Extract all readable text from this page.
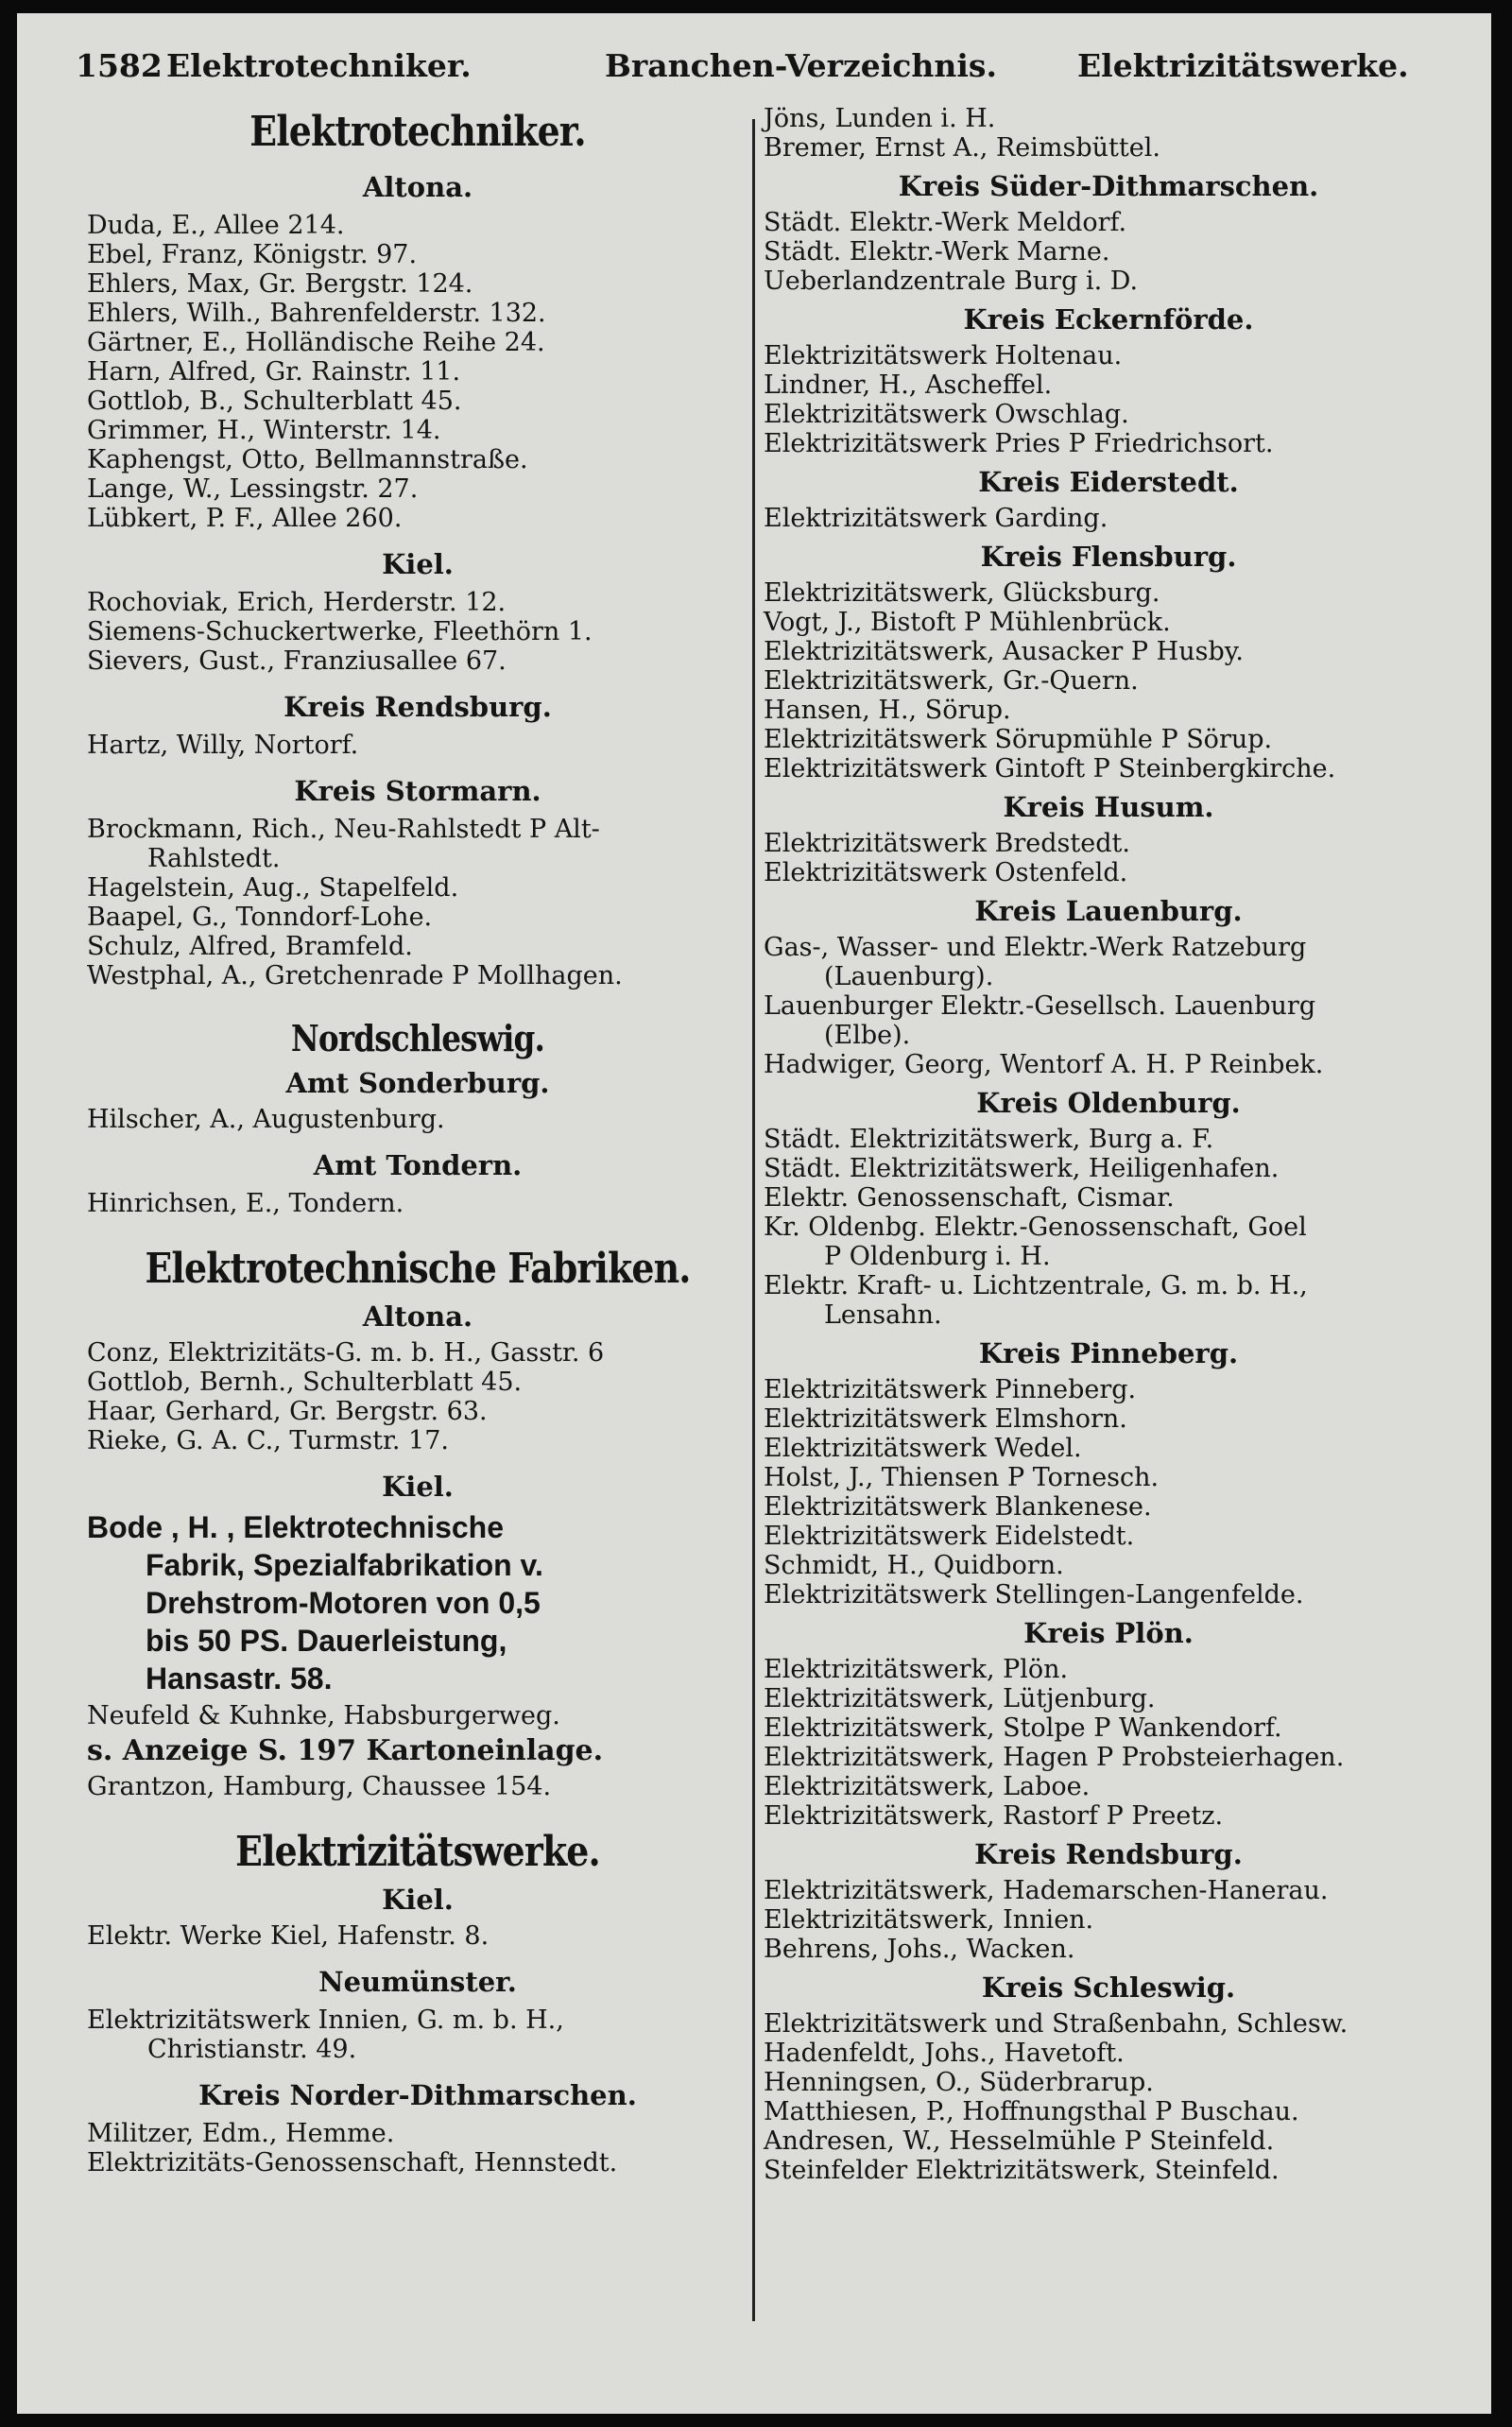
1582 Elektrotechniker.	Branchen-Verzeichnis.	Elektrizitätswerke.
Elektrotechniker.
Altona.
Duda, E., Allee 214.
Ebel, Franz, Königstr. 97.
Ehlers, Max, Gr. Bergstr. 124.
Ehlers, Wilh., Bahrenfelderstr. 132.
Gärtner, E., Holländische Reihe 24.
Harn, Alfred, Gr. Rainstr. 11.
Gottlob, B., Schulterblatt 45.
Grimmer, H., Winterstr. 14.
Kaphengst, Otto, Bellmannstraße.
Lange, W., Lessingstr. 27.
Lübkert, P. F., Allee 260.
Kiel.
Rochoviak, Erich, Herderstr. 12.
Siemens-Schuckertwerke, Fleethörn 1.
Sievers, Gust., Franziusallee 67.
Kreis Rendsburg.
Hartz, Willy, Nortorf.
Kreis Stormarn.
Brockmann, Rich., Neu-Rahlstedt P Alt-
Rahlstedt.
Hagelstein, Aug., Stapelfeld.
Baapel, G., Tonndorf-Lohe.
Schulz, Alfred, Bramfeld.
Westphal, A., Gretchenrade P Mollhagen.
Nordschleswig.
Amt Sonderburg.
Hilscher, A., Augustenburg.
Amt Tondern.
Hinrichsen, E., Tondern.
Elektrotechnische Fabriken.
Altona.
Conz, Elektrizitäts-G. m. b. H., Gasstr. 6
Gottlob, Bernh., Schulterblatt 45.
Haar, Gerhard, Gr. Bergstr. 63.
Rieke, G. A. C., Turmstr. 17.
Kiel.
Bode , H. , Elektrotechnische
Fabrik, Spezialfabrikation v.
Drehstrom-Motoren von 0,5
bis 50 PS. Dauerleistung,
Hansastr. 58.
Neufeld & Kuhnke, Habsburgerweg.
s. Anzeige S. 197 Kartoneinlage.
Grantzon, Hamburg, Chaussee 154.
Elektrizitätswerke.
Kiel.
Elektr. Werke Kiel, Hafenstr. 8.
Neumünster.
Elektrizitätswerk Innien, G. m. b. H.,
Christianstr. 49.
Kreis Norder-Dithmarschen.
Militzer, Edm., Hemme.
Elektrizitäts-Genossenschaft, Hennstedt.
Jöns, Lunden i. H.
Bremer, Ernst A., Reimsbüttel.
Kreis Süder-Dithmarschen.
Städt. Elektr.-Werk Meldorf.
Städt. Elektr.-Werk Marne.
Ueberlandzentrale Burg i. D.
Kreis Eckernförde.
Elektrizitätswerk Holtenau.
Lindner, H., Ascheffel.
Elektrizitätswerk Owschlag.
Elektrizitätswerk Pries P Friedrichsort.
Kreis Eiderstedt.
Elektrizitätswerk Garding.
Kreis Flensburg.
Elektrizitätswerk, Glücksburg.
Vogt, J., Bistoft P Mühlenbrück.
Elektrizitätswerk, Ausacker P Husby.
Elektrizitätswerk, Gr.-Quern.
Hansen, H., Sörup.
Elektrizitätswerk Sörupmühle P Sörup.
Elektrizitätswerk Gintoft P Steinbergkirche.
Kreis Husum.
Elektrizitätswerk Bredstedt.
Elektrizitätswerk Ostenfeld.
Kreis Lauenburg.
Gas-, Wasser- und Elektr.-Werk Ratzeburg
(Lauenburg).
Lauenburger Elektr.-Gesellsch. Lauenburg
(Elbe).
Hadwiger, Georg, Wentorf A. H. P Reinbek.
Kreis Oldenburg.
Städt. Elektrizitätswerk, Burg a. F.
Städt. Elektrizitätswerk, Heiligenhafen.
Elektr. Genossenschaft, Cismar.
Kr. Oldenbg. Elektr.-Genossenschaft, Goel
P Oldenburg i. H.
Elektr. Kraft- u. Lichtzentrale, G. m. b. H.,
Lensahn.
Kreis Pinneberg.
Elektrizitätswerk Pinneberg.
Elektrizitätswerk Elmshorn.
Elektrizitätswerk Wedel.
Holst, J., Thiensen P Tornesch.
Elektrizitätswerk Blankenese.
Elektrizitätswerk Eidelstedt.
Schmidt, H., Quidborn.
Elektrizitätswerk Stellingen-Langenfelde.
Kreis Plön.
Elektrizitätswerk, Plön.
Elektrizitätswerk, Lütjenburg.
Elektrizitätswerk, Stolpe P Wankendorf.
Elektrizitätswerk, Hagen P Probsteierhagen.
Elektrizitätswerk, Laboe.
Elektrizitätswerk, Rastorf P Preetz.
Kreis Rendsburg.
Elektrizitätswerk, Hademarschen-Hanerau.
Elektrizitätswerk, Innien.
Behrens, Johs., Wacken.
Kreis Schleswig.
Elektrizitätswerk und Straßenbahn, Schlesw.
Hadenfeldt, Johs., Havetoft.
Henningsen, O., Süderbrarup.
Matthiesen, P., Hoffnungsthal P Buschau.
Andresen, W., Hesselmühle P Steinfeld.
Steinfelder Elektrizitätswerk, Steinfeld.
